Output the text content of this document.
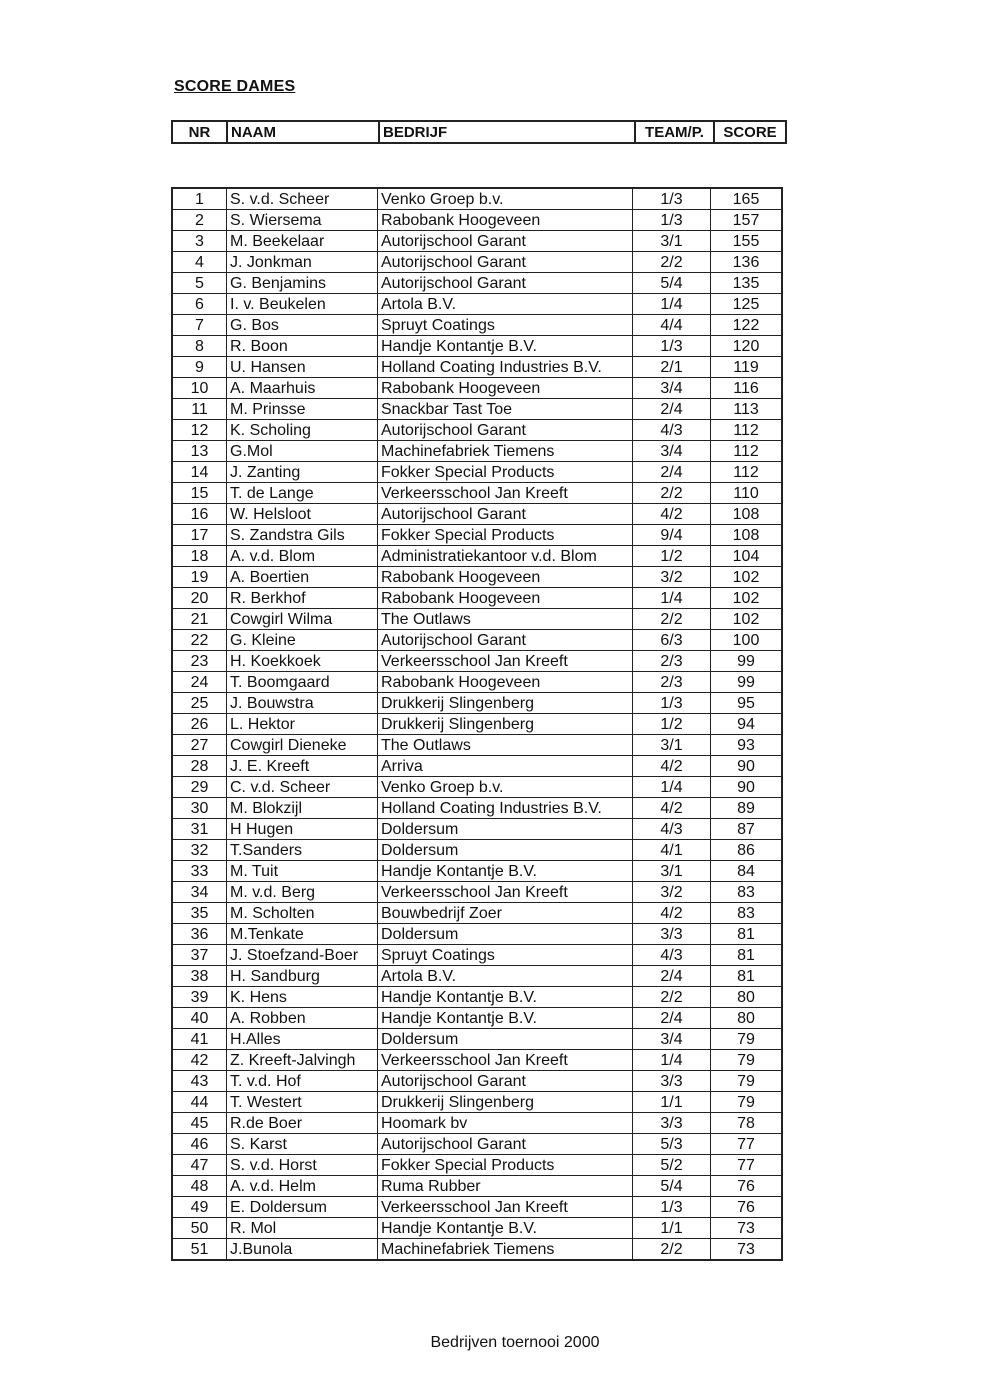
SCORE DAMES
NR	NAAM	BEDRIJF	TEAM/P.	SCORE
1	S. v.d. Scheer	Venko Groep b.v.	1/3	165
2	S. Wiersema	Rabobank Hoogeveen	1/3	157
3	M. Beekelaar	Autorijschool Garant	3/1	155
4	J. Jonkman	Autorijschool Garant	2/2	136
5	G. Benjamins	Autorijschool Garant	5/4	135
6	I. v. Beukelen	Artola B.V.	1/4	125
7	G. Bos	Spruyt Coatings	4/4	122
8	R. Boon	Handje Kontantje B.V.	1/3	120
9	U. Hansen	Holland Coating Industries B.V.	2/1	119
10	A. Maarhuis	Rabobank Hoogeveen	3/4	116
11	M. Prinsse	Snackbar Tast Toe	2/4	113
12	K. Scholing	Autorijschool Garant	4/3	112
13	G.Mol	Machinefabriek Tiemens	3/4	112
14	J. Zanting	Fokker Special Products	2/4	112
15	T. de Lange	Verkeersschool Jan Kreeft	2/2	110
16	W. Helsloot	Autorijschool Garant	4/2	108
17	S. Zandstra Gils	Fokker Special Products	9/4	108
18	A. v.d. Blom	Administratiekantoor v.d. Blom	1/2	104
19	A. Boertien	Rabobank Hoogeveen	3/2	102
20	R. Berkhof	Rabobank Hoogeveen	1/4	102
21	Cowgirl Wilma	The Outlaws	2/2	102
22	G. Kleine	Autorijschool Garant	6/3	100
23	H. Koekkoek	Verkeersschool Jan Kreeft	2/3	99
24	T. Boomgaard	Rabobank Hoogeveen	2/3	99
25	J. Bouwstra	Drukkerij Slingenberg	1/3	95
26	L. Hektor	Drukkerij Slingenberg	1/2	94
27	Cowgirl Dieneke	The Outlaws	3/1	93
28	J. E. Kreeft	Arriva	4/2	90
29	C. v.d. Scheer	Venko Groep b.v.	1/4	90
30	M. Blokzijl	Holland Coating Industries B.V.	4/2	89
31	H Hugen	Doldersum	4/3	87
32	T.Sanders	Doldersum	4/1	86
33	M. Tuit	Handje Kontantje B.V.	3/1	84
34	M. v.d. Berg	Verkeersschool Jan Kreeft	3/2	83
35	M. Scholten	Bouwbedrijf Zoer	4/2	83
36	M.Tenkate	Doldersum	3/3	81
37	J. Stoefzand-Boer	Spruyt Coatings	4/3	81
38	H. Sandburg	Artola B.V.	2/4	81
39	K. Hens	Handje Kontantje B.V.	2/2	80
40	A. Robben	Handje Kontantje B.V.	2/4	80
41	H.Alles	Doldersum	3/4	79
42	Z. Kreeft-Jalvingh	Verkeersschool Jan Kreeft	1/4	79
43	T. v.d. Hof	Autorijschool Garant	3/3	79
44	T. Westert	Drukkerij Slingenberg	1/1	79
45	R.de Boer	Hoomark bv	3/3	78
46	S. Karst	Autorijschool Garant	5/3	77
47	S. v.d. Horst	Fokker Special Products	5/2	77
48	A. v.d. Helm	Ruma Rubber	5/4	76
49	E. Doldersum	Verkeersschool Jan Kreeft	1/3	76
50	R. Mol	Handje Kontantje B.V.	1/1	73
51	J.Bunola	Machinefabriek Tiemens	2/2	73
Bedrijven toernooi 2000
